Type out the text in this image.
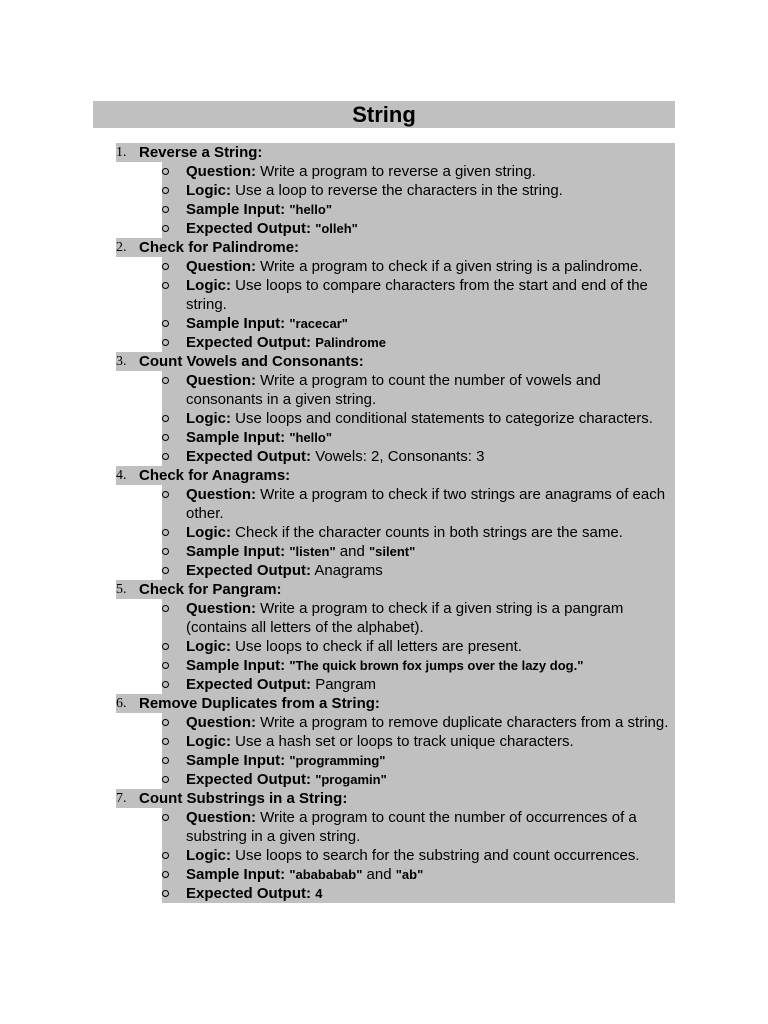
String
1. Reverse a String:
Question: Write a program to reverse a given string.
Logic: Use a loop to reverse the characters in the string.
Sample Input: "hello"
Expected Output: "olleh"
2. Check for Palindrome:
Question: Write a program to check if a given string is a palindrome.
Logic: Use loops to compare characters from the start and end of the string.
Sample Input: "racecar"
Expected Output: Palindrome
3. Count Vowels and Consonants:
Question: Write a program to count the number of vowels and consonants in a given string.
Logic: Use loops and conditional statements to categorize characters.
Sample Input: "hello"
Expected Output: Vowels: 2, Consonants: 3
4. Check for Anagrams:
Question: Write a program to check if two strings are anagrams of each other.
Logic: Check if the character counts in both strings are the same.
Sample Input: "listen" and "silent"
Expected Output: Anagrams
5. Check for Pangram:
Question: Write a program to check if a given string is a pangram (contains all letters of the alphabet).
Logic: Use loops to check if all letters are present.
Sample Input: "The quick brown fox jumps over the lazy dog."
Expected Output: Pangram
6. Remove Duplicates from a String:
Question: Write a program to remove duplicate characters from a string.
Logic: Use a hash set or loops to track unique characters.
Sample Input: "programming"
Expected Output: "progamin"
7. Count Substrings in a String:
Question: Write a program to count the number of occurrences of a substring in a given string.
Logic: Use loops to search for the substring and count occurrences.
Sample Input: "abababab" and "ab"
Expected Output: 4
